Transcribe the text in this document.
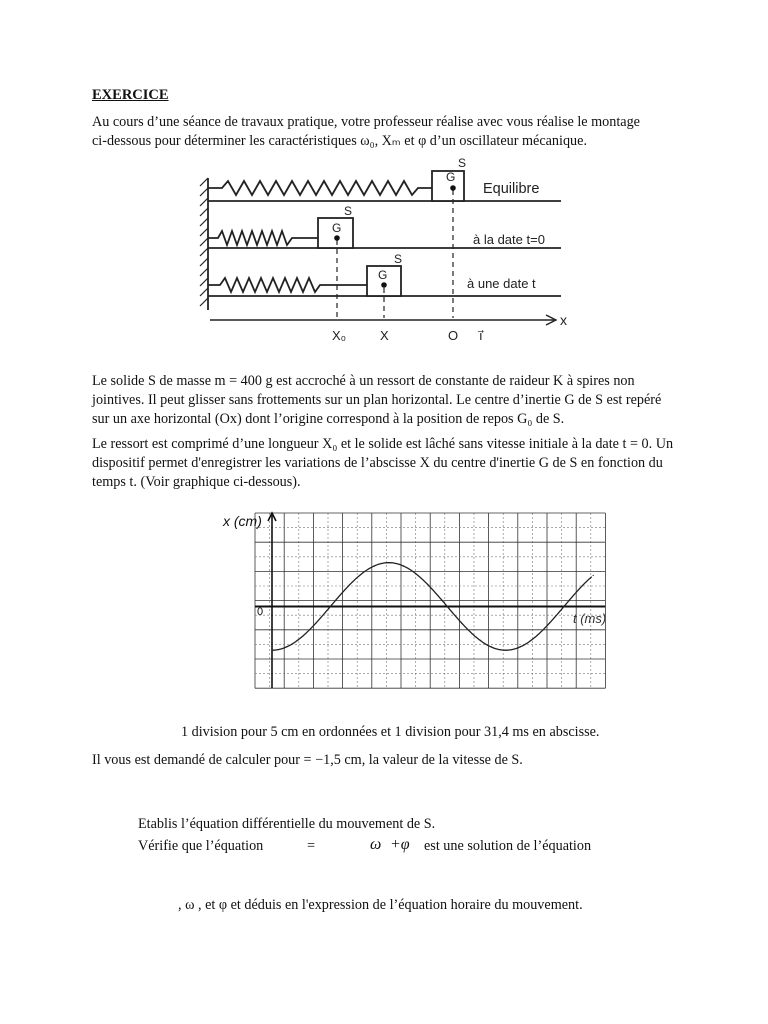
EXERCICE
Au cours d’une séance de travaux pratique, votre professeur réalise avec vous réalise le montage ci-dessous pour déterminer les caractéristiques ω₀, Xₘ et φ d’un oscillateur mécanique.
S
G
S
G
S
G
Equilibre
à la date t=0
à une date t
x
X₀	X	O i⃗
Le solide S de masse m = 400 g est accroché à un ressort de constante de raideur K à spires non jointives. Il peut glisser sans frottements sur un plan horizontal. Le centre d’inertie G de S est repéré sur un axe horizontal (Ox) dont l’origine correspond à la position de repos G₀ de S.
Le ressort est comprimé d’une longueur X₀ et le solide est lâché sans vitesse initiale à la date t = 0. Un dispositif permet d'enregistrer les variations de l’abscisse X du centre d'inertie G de S en fonction du temps t. (Voir graphique ci-dessous).
x (cm)
0	t (ms)
1 division pour 5 cm en ordonnées et 1 division pour 31,4 ms en abscisse.
Il vous est demandé de calculer pour = −1,5 cm, la valeur de la vitesse de S.
Etablis l’équation différentielle du mouvement de S.
Vérifie que l’équation	=	ω +φ est une solution de l’équation
, ω , et φ et déduis en l'expression de l’équation horaire du mouvement.
